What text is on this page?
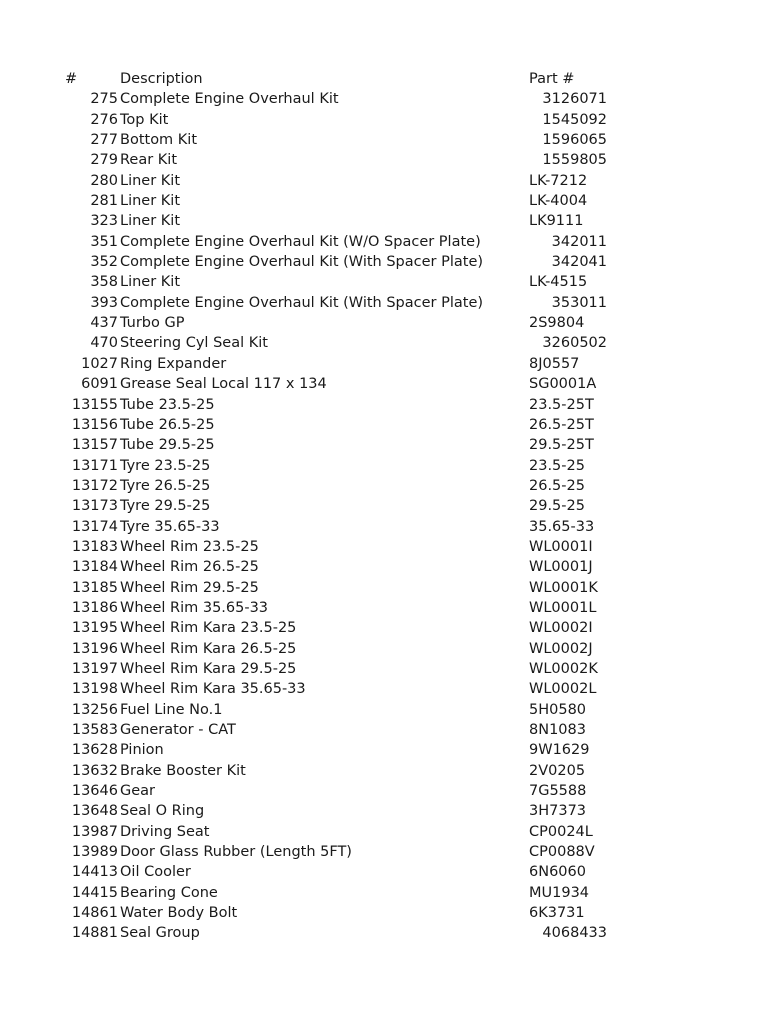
#	Description	Part #
275 Complete Engine Overhaul Kit	3126071
276 Top Kit	1545092
277 Bottom Kit	1596065
279 Rear Kit	1559805
280 Liner Kit	LK-7212
281 Liner Kit	LK-4004
323 Liner Kit	LK9111
351 Complete Engine Overhaul Kit (W/O Spacer Plate)	342011
352 Complete Engine Overhaul Kit (With Spacer Plate)	342041
358 Liner Kit	LK-4515
393 Complete Engine Overhaul Kit (With Spacer Plate)	353011
437 Turbo GP	2S9804
470 Steering Cyl Seal Kit	3260502
1027 Ring Expander	8J0557
6091 Grease Seal Local 117 x 134	SG0001A
13155 Tube 23.5-25	23.5-25T
13156 Tube 26.5-25	26.5-25T
13157 Tube 29.5-25	29.5-25T
13171 Tyre 23.5-25	23.5-25
13172 Tyre 26.5-25	26.5-25
13173 Tyre 29.5-25	29.5-25
13174 Tyre 35.65-33	35.65-33
13183 Wheel Rim 23.5-25	WL0001I
13184 Wheel Rim 26.5-25	WL0001J
13185 Wheel Rim 29.5-25	WL0001K
13186 Wheel Rim 35.65-33	WL0001L
13195 Wheel Rim Kara 23.5-25	WL0002I
13196 Wheel Rim Kara 26.5-25	WL0002J
13197 Wheel Rim Kara 29.5-25	WL0002K
13198 Wheel Rim Kara 35.65-33	WL0002L
13256 Fuel Line No.1	5H0580
13583 Generator - CAT	8N1083
13628 Pinion	9W1629
13632 Brake Booster Kit	2V0205
13646 Gear	7G5588
13648 Seal O Ring	3H7373
13987 Driving Seat	CP0024L
13989 Door Glass Rubber (Length 5FT)	CP0088V
14413 Oil Cooler	6N6060
14415 Bearing Cone	MU1934
14861 Water Body Bolt	6K3731
14881 Seal Group	4068433
